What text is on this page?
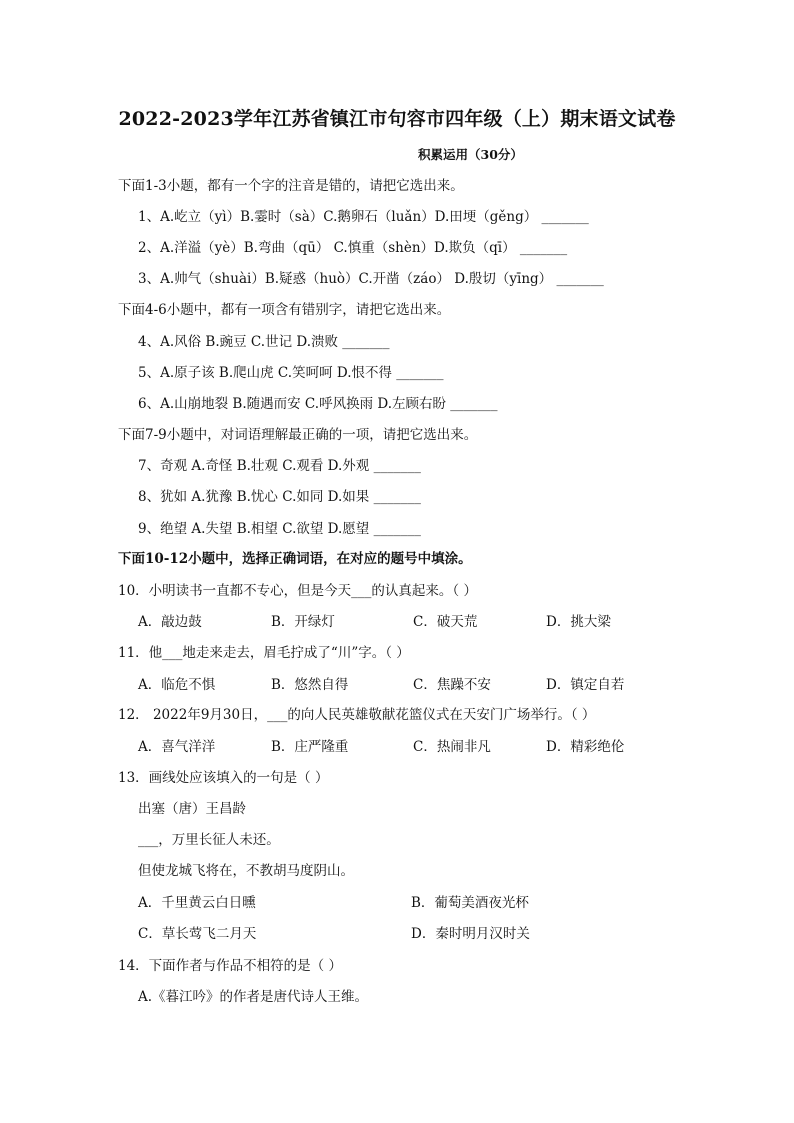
2022-2023学年江苏省镇江市句容市四年级（上）期末语文试卷
积累运用（30分）
下面1-3小题，都有一个字的注音是错的，请把它选出来。
1、A.屹立（yì）B.霎时（sà）C.鹅卵石（luǎn）D.田埂（gěng） _______
2、A.洋溢（yè）B.弯曲（qū） C.慎重（shèn）D.欺负（qī） _______
3、A.帅气（shuài）B.疑惑（huò）C.开凿（záo） D.殷切（yīng） _______
下面4-6小题中，都有一项含有错别字，请把它选出来。
4、A.风俗 B.豌豆 C.世记 D.溃败 _______
5、A.原子该 B.爬山虎 C.笑呵呵 D.恨不得 _______
6、A.山崩地裂 B.随遇而安 C.呼风换雨 D.左顾右盼 _______
下面7-9小题中，对词语理解最正确的一项，请把它选出来。
7、奇观 A.奇怪 B.壮观 C.观看 D.外观 _______
8、犹如 A.犹豫 B.忧心 C.如同 D.如果 _______
9、绝望 A.失望 B.相望 C.欲望 D.愿望 _______
下面10-12小题中，选择正确词语，在对应的题号中填涂。
10．小明读书一直都不专心，但是今天___的认真起来。（ ）
A．敲边鼓	B．开绿灯	C．破天荒	D．挑大梁
11．他___地走来走去，眉毛拧成了“川”字。（ ）
A．临危不惧	B．悠然自得	C．焦躁不安	D．镇定自若
12． 2022年9月30日，___的向人民英雄敬献花篮仪式在天安门广场举行。（ ）
A．喜气洋洋	B．庄严隆重	C．热闹非凡	D．精彩绝伦
13．画线处应该填入的一句是（ ）
出塞（唐）王昌龄
___，万里长征人未还。
但使龙城飞将在，不教胡马度阴山。
A．千里黄云白日曛	B．葡萄美酒夜光杯
C．草长莺飞二月天	D．秦时明月汉时关
14．下面作者与作品不相符的是（ ）
A.《暮江吟》的作者是唐代诗人王维。
